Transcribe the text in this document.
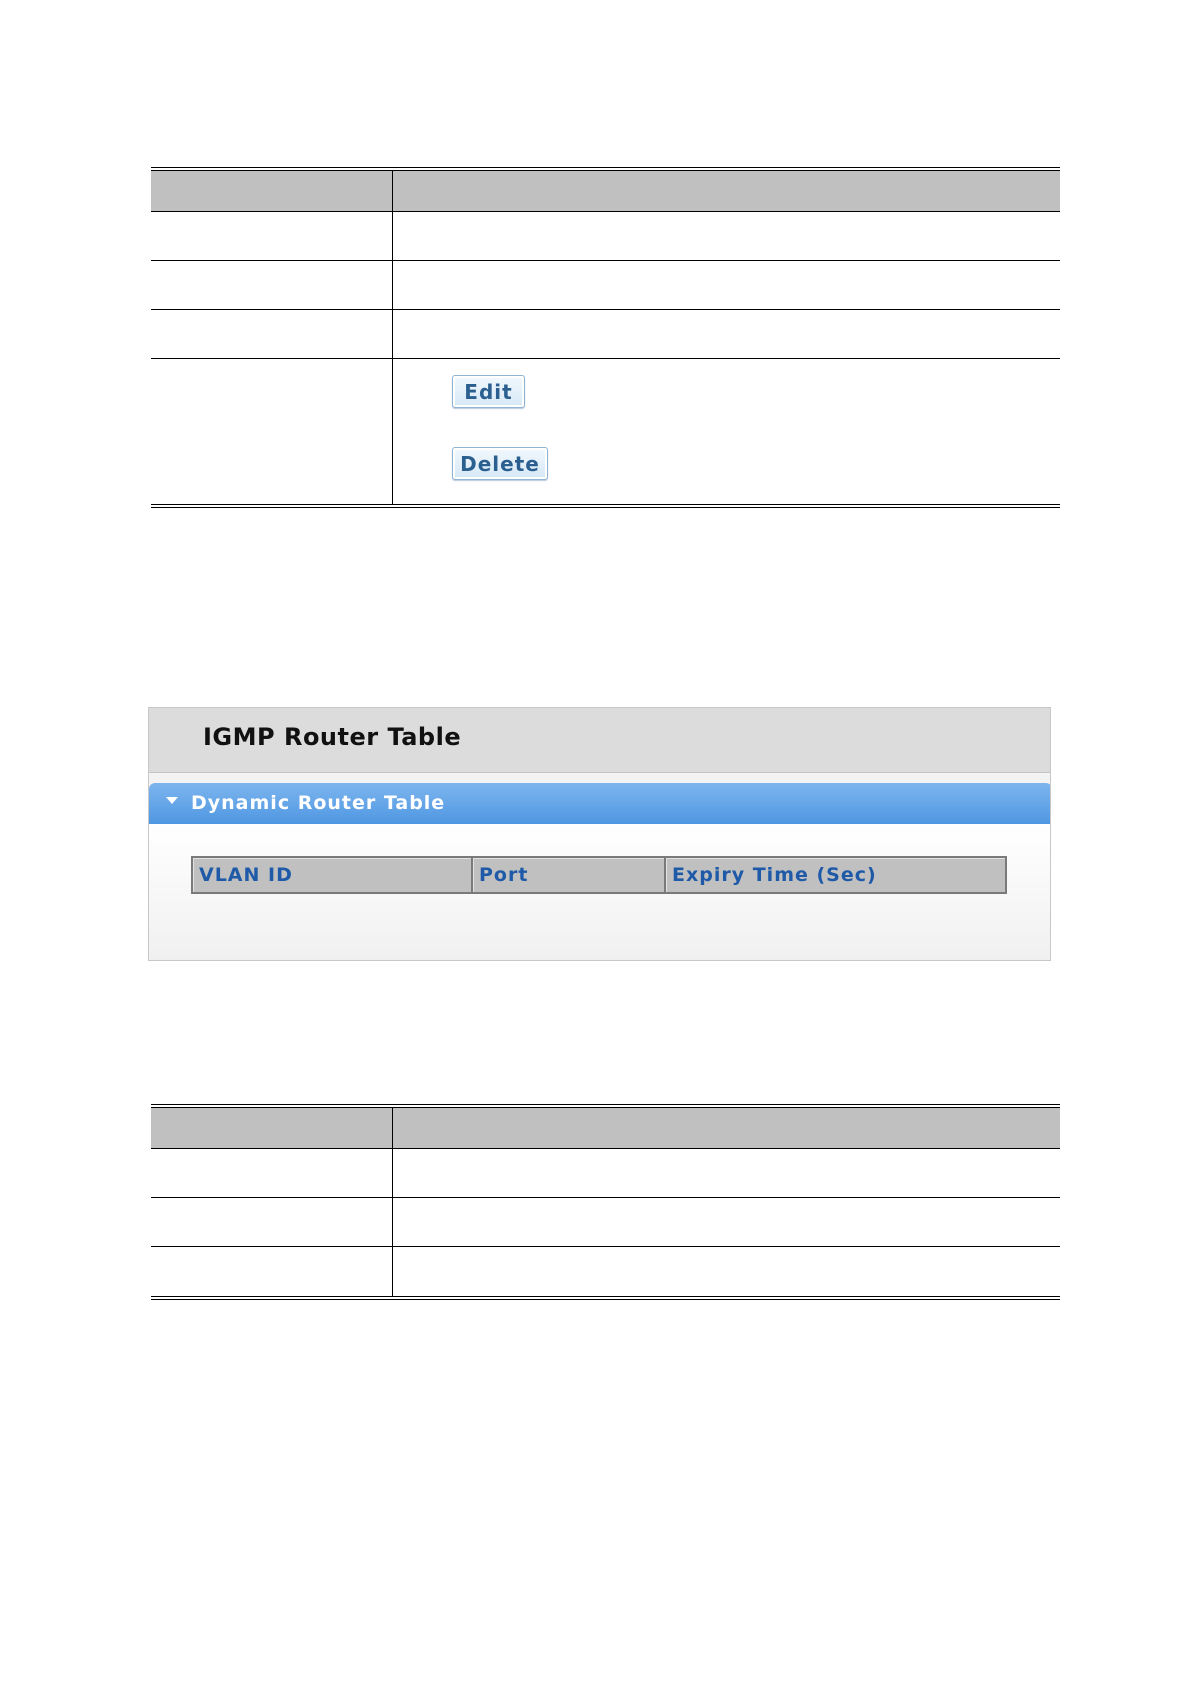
Edit
Delete
IGMP Router Table
Dynamic Router Table
VLAN ID	Port	Expiry Time (Sec)
